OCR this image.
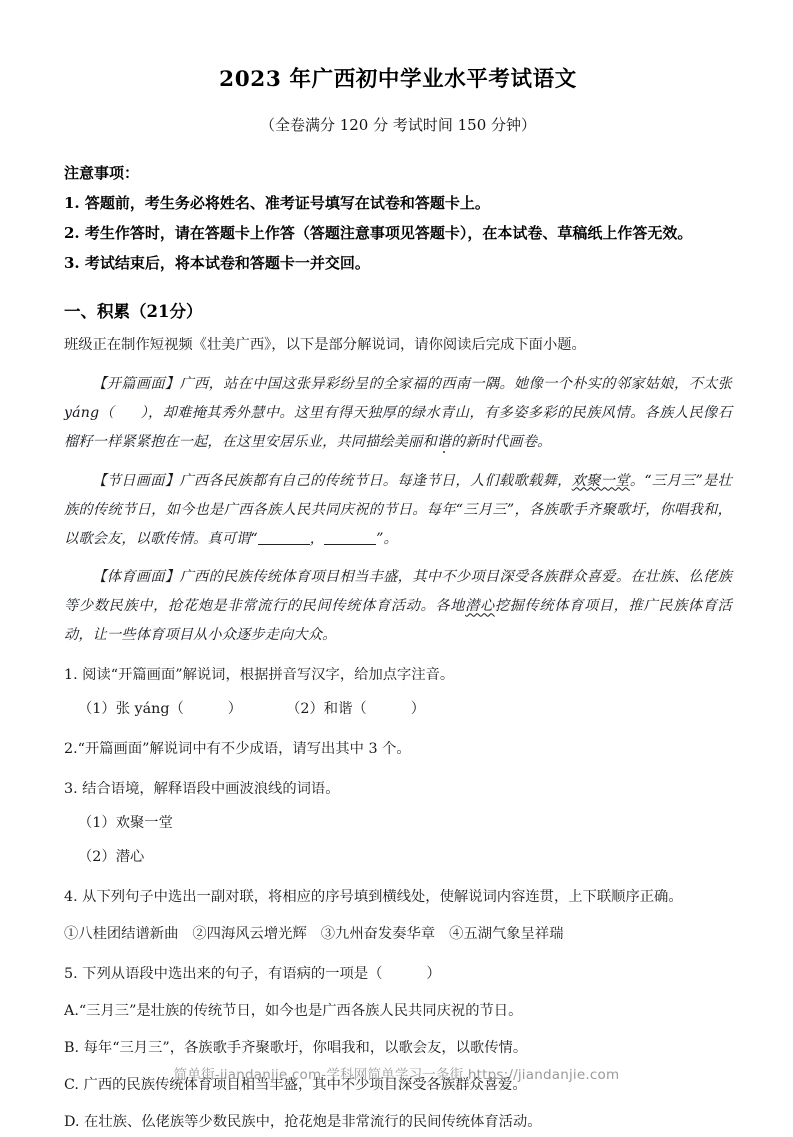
2023 年广西初中学业水平考试语文
（全卷满分 120 分 考试时间 150 分钟）
注意事项：
1. 答题前，考生务必将姓名、准考证号填写在试卷和答题卡上。
2. 考生作答时，请在答题卡上作答（答题注意事项见答题卡），在本试卷、草稿纸上作答无效。
3. 考试结束后，将本试卷和答题卡一并交回。
一、积累（21分）
班级正在制作短视频《壮美广西》，以下是部分解说词，请你阅读后完成下面小题。
【开篇画面】广西，站在中国这张异彩纷呈的全家福的西南一隅。她像一个朴实的邻家姑娘，不太张yáng（ ），却难掩其秀外慧中。这里有得天独厚的绿水青山，有多姿多彩的民族风情。各族人民像石榴籽一样紧紧抱在一起，在这里安居乐业，共同描绘美丽和谐的新时代画卷。
【节日画面】广西各民族都有自己的传统节日。每逢节日，人们载歌载舞，欢聚一堂。“三月三”是壮族的传统节日，如今也是广西各族人民共同庆祝的节日。每年“三月三”，各族歌手齐聚歌圩，你唱我和，以歌会友，以歌传情。真可谓“	，	”。
【体育画面】广西的民族传统体育项目相当丰盛，其中不少项目深受各族群众喜爱。在壮族、仫佬族等少数民族中，抢花炮是非常流行的民间传统体育活动。各地潜心挖掘传统体育项目，推广民族体育活动，让一些体育项目从小众逐步走向大众。
1. 阅读“开篇画面”解说词，根据拼音写汉字，给加点字注音。
（1）张 yáng（	）	（2）和谐（	）
2.“开篇画面”解说词中有不少成语，请写出其中 3 个。
3. 结合语境，解释语段中画波浪线的词语。
（1）欢聚一堂
（2）潜心
4. 从下列句子中选出一副对联，将相应的序号填到横线处，使解说词内容连贯，上下联顺序正确。
①八桂团结谱新曲 ②四海风云增光辉 ③九州奋发奏华章 ④五湖气象呈祥瑞
5. 下列从语段中选出来的句子，有语病的一项是（	）
A.“三月三”是壮族的传统节日，如今也是广西各族人民共同庆祝的节日。
B. 每年“三月三”，各族歌手齐聚歌圩，你唱我和，以歌会友，以歌传情。
C. 广西的民族传统体育项目相当丰盛，其中不少项目深受各族群众喜爱。
D. 在壮族、仫佬族等少数民族中，抢花炮是非常流行的民间传统体育活动。
简单街-jiandanjie.com-学科网简单学习一条街 https://jiandanjie.com
